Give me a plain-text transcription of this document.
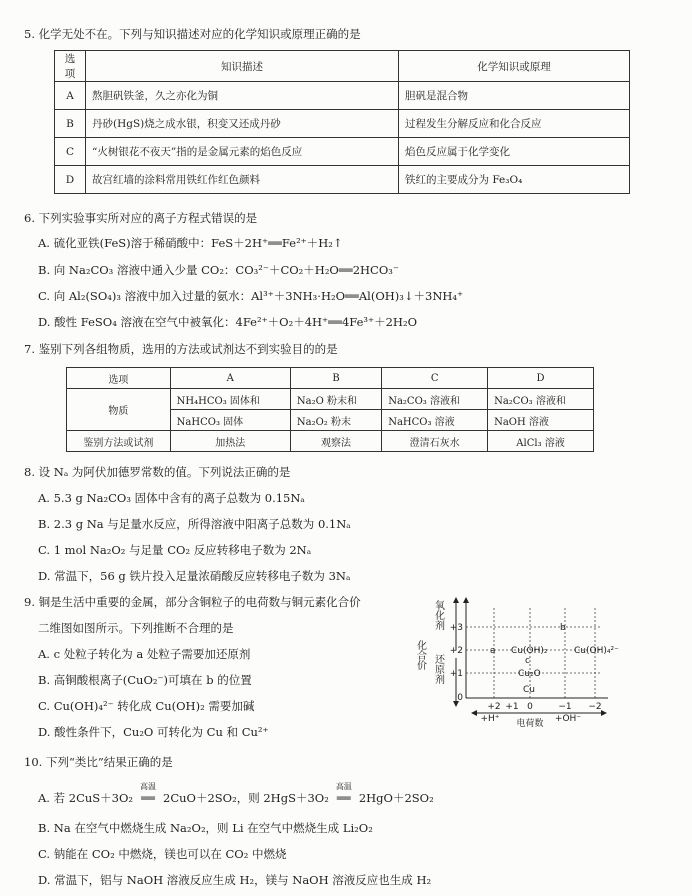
5. 化学无处不在。下列与知识描述对应的化学知识或原理正确的是
选项	知识描述	化学知识或原理
A	熬胆矾铁釜，久之亦化为铜	胆矾是混合物
B	丹砂(HgS)烧之成水银，积变又还成丹砂	过程发生分解反应和化合反应
C	“火树银花不夜天”指的是金属元素的焰色反应	焰色反应属于化学变化
D	故宫红墙的涂料常用铁红作红色颜料	铁红的主要成分为 Fe₃O₄
6. 下列实验事实所对应的离子方程式错误的是
A. 硫化亚铁(FeS)溶于稀硝酸中：FeS＋2H⁺══Fe²⁺＋H₂↑
B. 向 Na₂CO₃ 溶液中通入少量 CO₂：CO₃²⁻＋CO₂＋H₂O══2HCO₃⁻
C. 向 Al₂(SO₄)₃ 溶液中加入过量的氨水：Al³⁺＋3NH₃·H₂O══Al(OH)₃↓＋3NH₄⁺
D. 酸性 FeSO₄ 溶液在空气中被氧化：4Fe²⁺＋O₂＋4H⁺══4Fe³⁺＋2H₂O
7. 鉴别下列各组物质，选用的方法或试剂达不到实验目的的是
选项	A	B	C	D
物质	NH₄HCO₃ 固体和	Na₂O 粉末和	Na₂CO₃ 溶液和	Na₂CO₃ 溶液和
	NaHCO₃ 固体	Na₂O₂ 粉末	NaHCO₃ 溶液	NaOH 溶液
鉴别方法或试剂	加热法	观察法	澄清石灰水	AlCl₃ 溶液
8. 设 Nₐ 为阿伏加德罗常数的值。下列说法正确的是
A. 5.3 g Na₂CO₃ 固体中含有的离子总数为 0.15Nₐ
B. 2.3 g Na 与足量水反应，所得溶液中阳离子总数为 0.1Nₐ
C. 1 mol Na₂O₂ 与足量 CO₂ 反应转移电子数为 2Nₐ
D. 常温下，56 g 铁片投入足量浓硝酸反应转移电子数为 3Nₐ
9. 铜是生活中重要的金属，部分含铜粒子的电荷数与铜元素化合价
二维图如图所示。下列推断不合理的是
A. c 处粒子转化为 a 处粒子需要加还原剂
B. 高铜酸根离子(CuO₂⁻)可填在 b 的位置
C. Cu(OH)₄²⁻ 转化成 Cu(OH)₂ 需要加碱
D. 酸性条件下，Cu₂O 可转化为 Cu 和 Cu²⁺
化合价
氧化剂
还原剂
+3
+2
+1
0
b
a Cu(OH)₂	Cu(OH)₄²⁻
c
Cu₂O
Cu
+2 +1 0	−1 −2
+H⁺	+OH⁻
电荷数
10. 下列“类比”结果正确的是
A. 若 2CuS＋3O₂
高温
══ 2CuO＋2SO₂，则 2HgS＋3O₂
高温
══ 2HgO＋2SO₂
B. Na 在空气中燃烧生成 Na₂O₂，则 Li 在空气中燃烧生成 Li₂O₂
C. 钠能在 CO₂ 中燃烧，镁也可以在 CO₂ 中燃烧
D. 常温下，铝与 NaOH 溶液反应生成 H₂，镁与 NaOH 溶液反应也生成 H₂
